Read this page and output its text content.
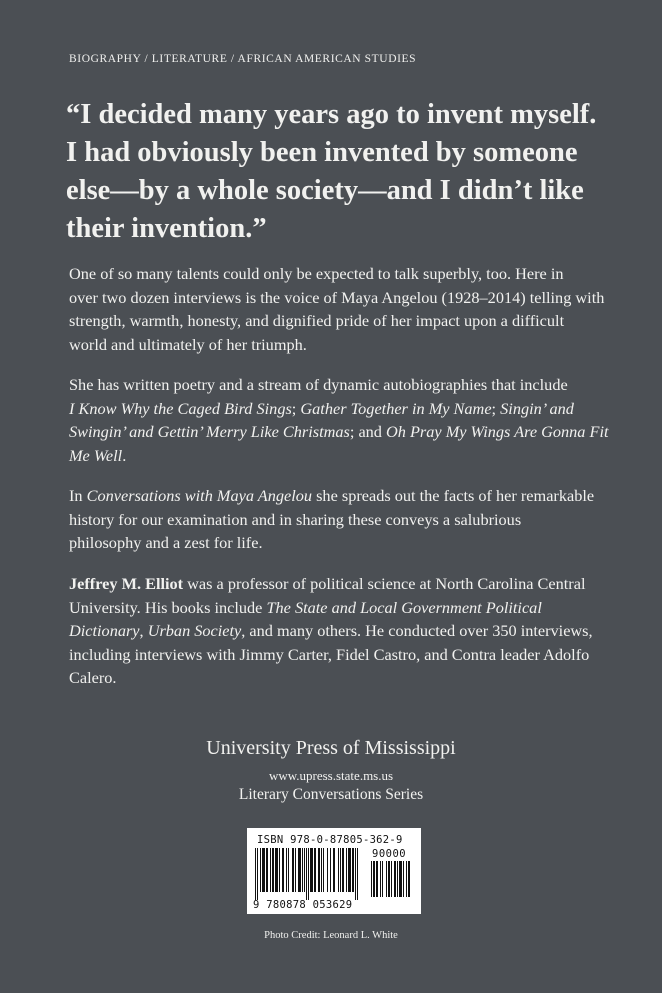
BIOGRAPHY / LITERATURE / AFRICAN AMERICAN STUDIES

“I decided many years ago to invent myself.
I had obviously been invented by someone
else—by a whole society—and I didn’t like
their invention.”

One of so many talents could only be expected to talk superbly, too. Here in
over two dozen interviews is the voice of Maya Angelou (1928–2014) telling with
strength, warmth, honesty, and dignified pride of her impact upon a difficult
world and ultimately of her triumph.

She has written poetry and a stream of dynamic autobiographies that include
I Know Why the Caged Bird Sings; Gather Together in My Name; Singin’ and
Swingin’ and Gettin’ Merry Like Christmas; and Oh Pray My Wings Are Gonna Fit
Me Well.

In Conversations with Maya Angelou she spreads out the facts of her remarkable
history for our examination and in sharing these conveys a salubrious
philosophy and a zest for life.

Jeffrey M. Elliot was a professor of political science at North Carolina Central
University. His books include The State and Local Government Political
Dictionary, Urban Society, and many others. He conducted over 350 interviews,
including interviews with Jimmy Carter, Fidel Castro, and Contra leader Adolfo
Calero.

University Press of Mississippi
www.upress.state.ms.us
Literary Conversations Series
ISBN 978-0-87805-362-9
90000
9 780878 053629
Photo Credit: Leonard L. White
